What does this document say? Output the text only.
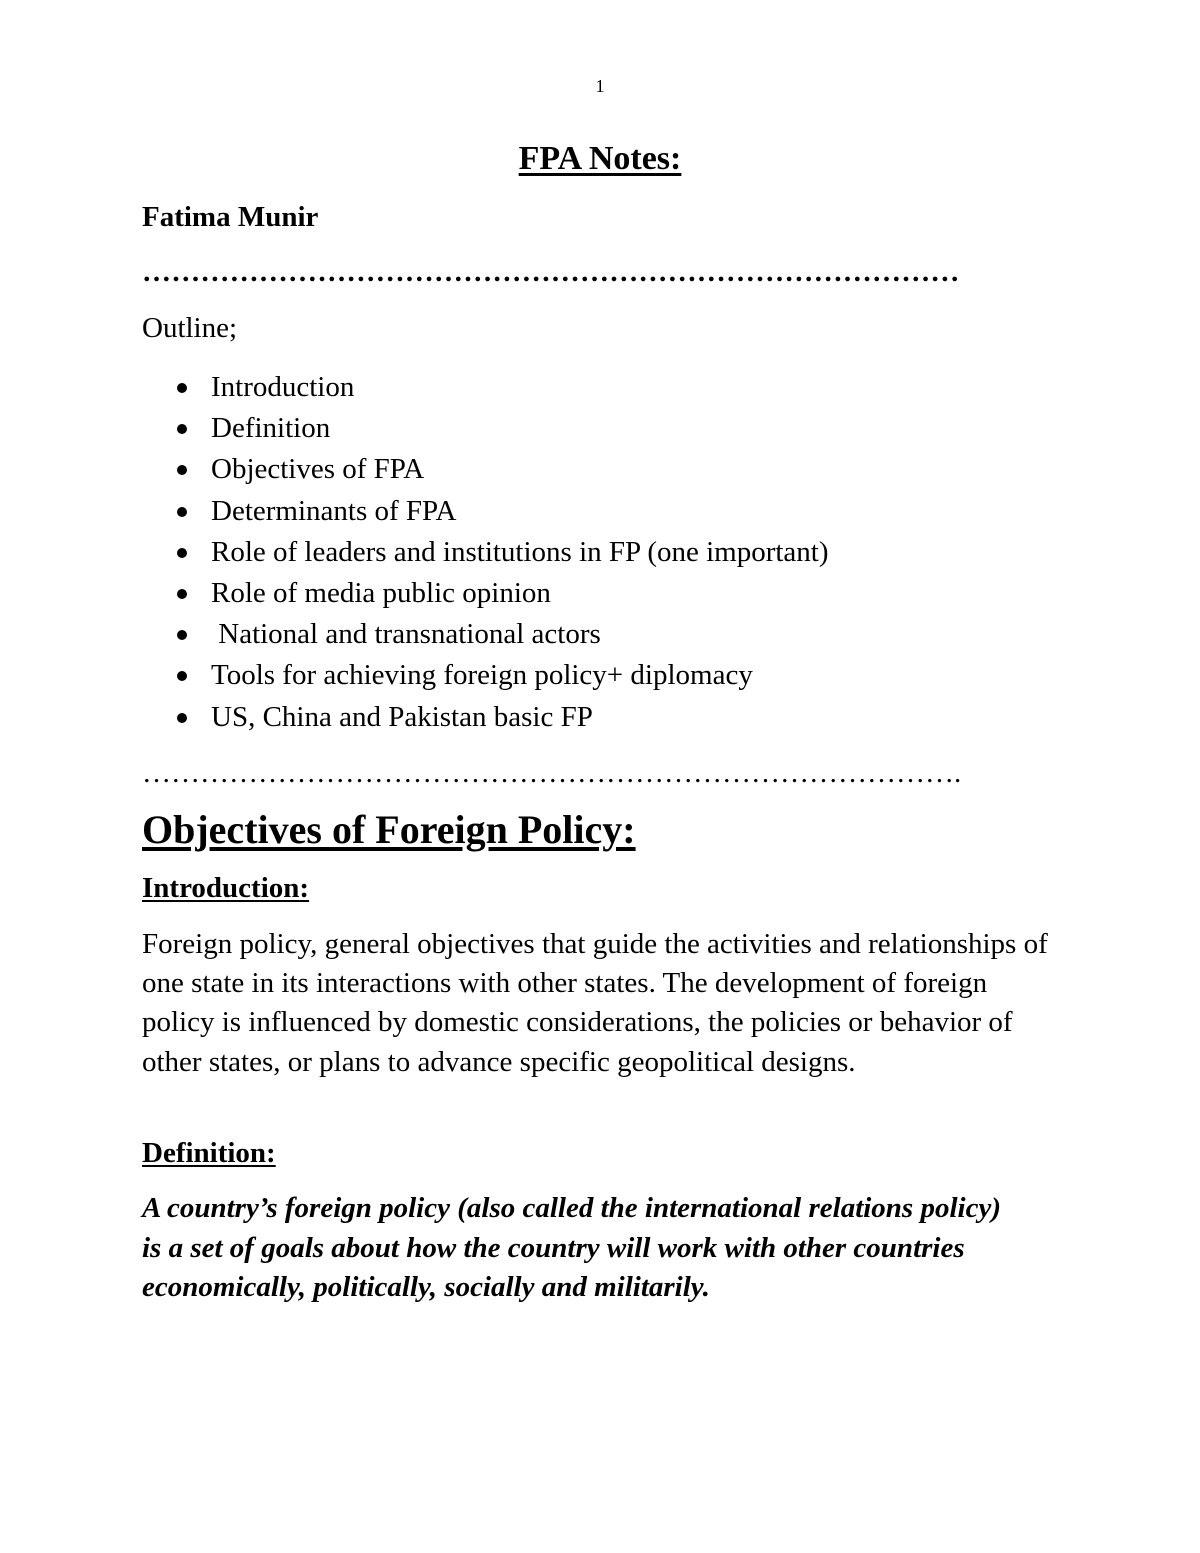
1
FPA Notes:

Fatima Munir

…………………………………………………………………………

Outline;

Introduction
Definition
Objectives of FPA
Determinants of FPA
Role of leaders and institutions in FP (one important)
Role of media public opinion
National and transnational actors
Tools for achieving foreign policy+ diplomacy
US, China and Pakistan basic FP
………………………………………………………………………….
Objectives of Foreign Policy:
Introduction:

Foreign policy, general objectives that guide the activities and relationships of one state in its interactions with other states. The development of foreign policy is influenced by domestic considerations, the policies or behavior of other states, or plans to advance specific geopolitical designs.

Definition:

A country’s foreign policy (also called the international relations policy) is a set of goals about how the country will work with other countries economically, politically, socially and militarily.
